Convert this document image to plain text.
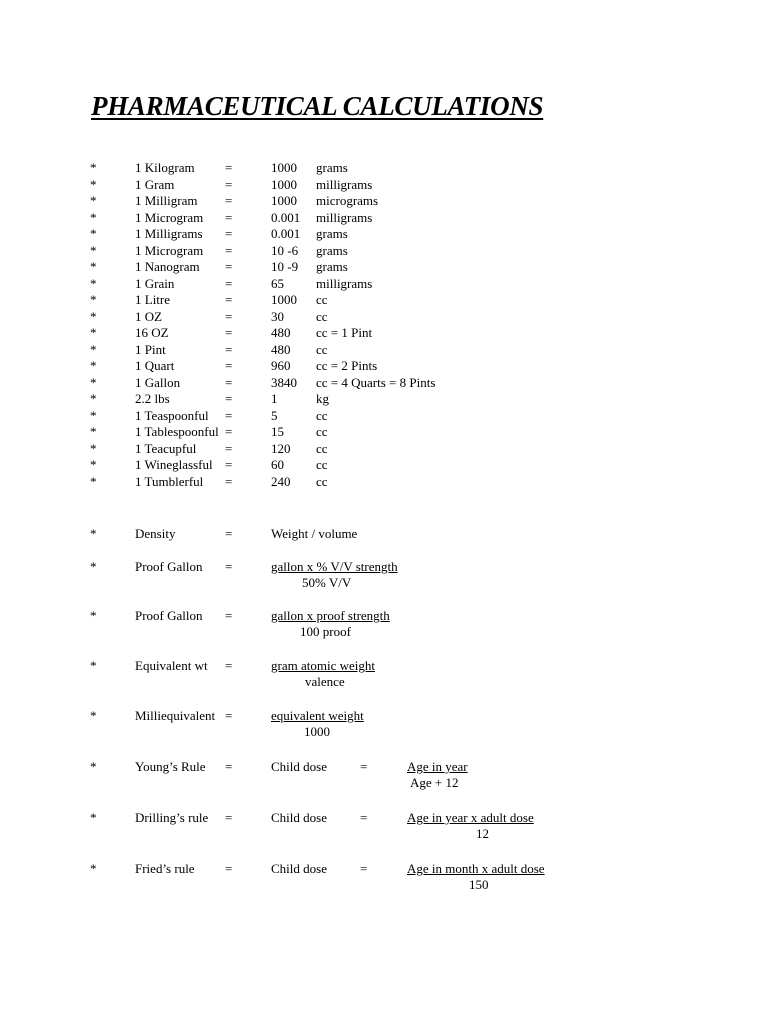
PHARMACEUTICAL CALCULATIONS
*	1 Kilogram =	1000 grams
*	1 Gram	=	1000 milligrams
*	1 Milligram =	1000 micrograms
*	1 Microgram =	0.001 milligrams
*	1 Milligrams =	0.001 grams
*	1 Microgram =	10 -6 grams
*	1 Nanogram =	10 -9 grams
*	1 Grain	=	65 milligrams
*	1 Litre	=	1000 cc
*	1 OZ	=	30 cc
*	16 OZ	=	480 cc = 1 Pint
*	1 Pint	=	480 cc
*	1 Quart	=	960 cc = 2 Pints
*	1 Gallon	=	3840 cc = 4 Quarts = 8 Pints
*	2.2 lbs	=	1	kg
*	1 Teaspoonful =	5	cc
*	1 Tablespoonful =	15 cc
*	1 Teacupful =	120 cc
*	1 Wineglassful =	60 cc
*	1 Tumblerful =	240 cc
*	Density	=	Weight / volume
*	Proof Gallon =	gallon x % V/V strength
50% V/V
*	Proof Gallon =	gallon x proof strength
100 proof
*	Equivalent wt =	gram atomic weight
valence
*	Milliequivalent =	equivalent weight
1000
*	Young’s Rule =	Child dose	=	Age in year
Age + 12
*	Drilling’s rule =	Child dose	=	Age in year x adult dose
12
*	Fried’s rule =	Child dose	=	Age in month x adult dose
150
